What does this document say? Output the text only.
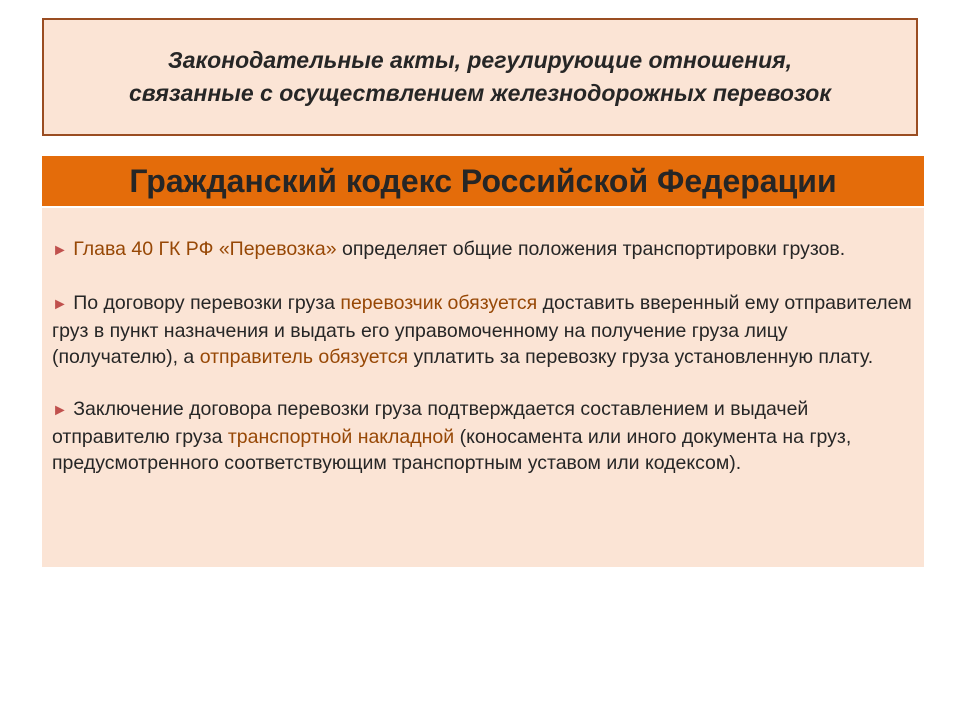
Законодательные акты, регулирующие отношения,
связанные с осуществлением железнодорожных перевозок
Гражданский кодекс Российской Федерации

► Глава 40 ГК РФ «Перевозка» определяет общие положения транспортировки грузов.

► По договору перевозки груза перевозчик обязуется доставить вверенный ему отправителем груз в пункт назначения и выдать его управомоченному на получение груза лицу (получателю), а отправитель обязуется уплатить за перевозку груза установленную плату.

► Заключение договора перевозки груза подтверждается составлением и выдачей отправителю груза транспортной накладной (коносамента или иного документа на груз, предусмотренного соответствующим транспортным уставом или кодексом).
